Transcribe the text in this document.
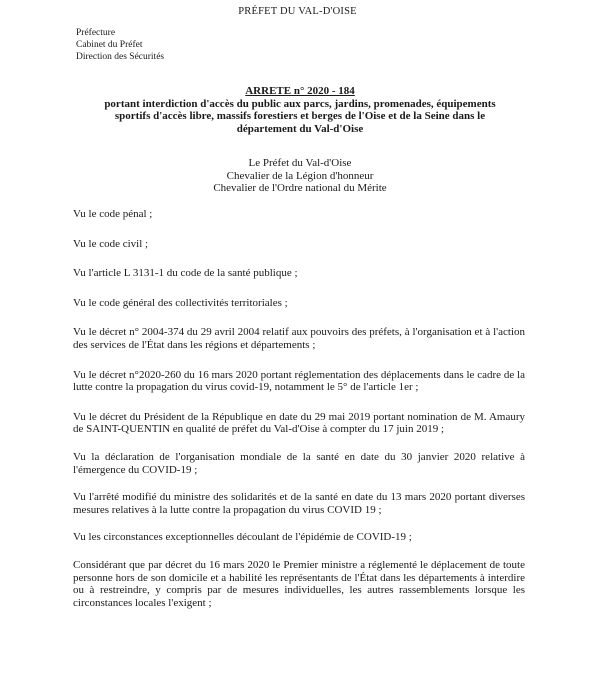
PRÉFET DU VAL-D'OISE
Préfecture
Cabinet du Préfet
Direction des Sécurités
ARRETE n° 2020 - 184
portant interdiction d'accès du public aux parcs, jardins, promenades, équipements
sportifs d'accès libre, massifs forestiers et berges de l'Oise et de la Seine dans le
département du Val-d'Oise
Le Préfet du Val-d'Oise
Chevalier de la Légion d'honneur
Chevalier de l'Ordre national du Mérite

Vu le code pénal ;

Vu le code civil ;

Vu l'article L 3131-1 du code de la santé publique ;

Vu le code général des collectivités territoriales ;

Vu le décret n° 2004-374 du 29 avril 2004 relatif aux pouvoirs des préfets, à l'organisation et à l'action des services de l'État dans les régions et départements ;

Vu le décret n°2020-260 du 16 mars 2020 portant réglementation des déplacements dans le cadre de la lutte contre la propagation du virus covid-19, notamment le 5° de l'article 1er ;

Vu le décret du Président de la République en date du 29 mai 2019 portant nomination de M. Amaury de SAINT-QUENTIN en qualité de préfet du Val-d'Oise à compter du 17 juin 2019 ;

Vu la déclaration de l'organisation mondiale de la santé en date du 30 janvier 2020 relative à l'émergence du COVID-19 ;

Vu l'arrêté modifié du ministre des solidarités et de la santé en date du 13 mars 2020 portant diverses mesures relatives à la lutte contre la propagation du virus COVID 19 ;

Vu les circonstances exceptionnelles découlant de l'épidémie de COVID-19 ;

Considérant que par décret du 16 mars 2020 le Premier ministre a réglementé le déplacement de toute personne hors de son domicile et a habilité les représentants de l'État dans les départements à interdire ou à restreindre, y compris par de mesures individuelles, les autres rassemblements lorsque les circonstances locales l'exigent ;
